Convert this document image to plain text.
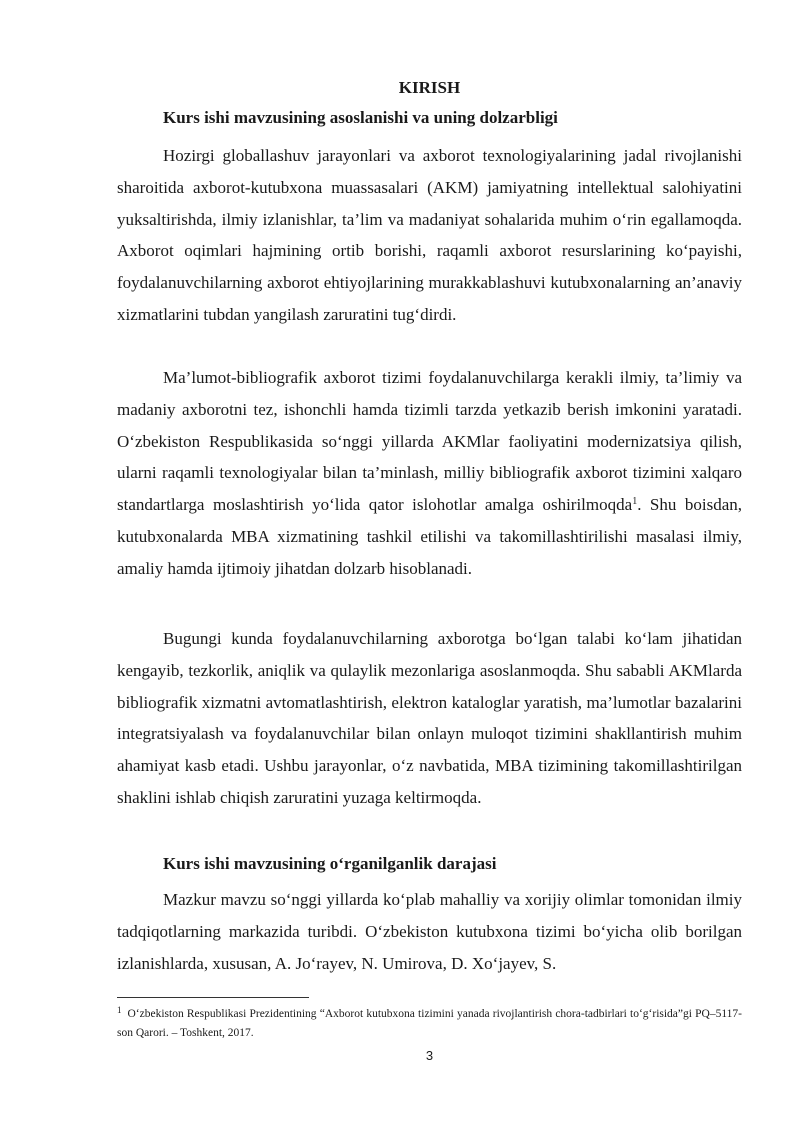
KIRISH
Kurs ishi mavzusining asoslanishi va uning dolzarbligi

Hozirgi globallashuv jarayonlari va axborot texnologiyalarining jadal rivojlanishi sharoitida axborot-kutubxona muassasalari (AKM) jamiyatning intellektual salohiyatini yuksaltirishda, ilmiy izlanishlar, ta’lim va madaniyat sohalarida muhim o‘rin egallamoqda. Axborot oqimlari hajmining ortib borishi, raqamli axborot resurslarining ko‘payishi, foydalanuvchilarning axborot ehtiyojlarining murakkablashuvi kutubxonalarning an’anaviy xizmatlarini tubdan yangilash zaruratini tug‘dirdi.

Ma’lumot-bibliografik axborot tizimi foydalanuvchilarga kerakli ilmiy, ta’limiy va madaniy axborotni tez, ishonchli hamda tizimli tarzda yetkazib berish imkonini yaratadi. O‘zbekiston Respublikasida so‘nggi yillarda AKMlar faoliyatini modernizatsiya qilish, ularni raqamli texnologiyalar bilan ta’minlash, milliy bibliografik axborot tizimini xalqaro standartlarga moslashtirish yo‘lida qator islohotlar amalga oshirilmoqda$^1$. Shu boisdan, kutubxonalarda MBA xizmatining tashkil etilishi va takomillashtirilishi masalasi ilmiy, amaliy hamda ijtimoiy jihatdan dolzarb hisoblanadi.

Bugungi kunda foydalanuvchilarning axborotga bo‘lgan talabi ko‘lam jihatidan kengayib, tezkorlik, aniqlik va qulaylik mezonlariga asoslanmoqda. Shu sababli AKMlarda bibliografik xizmatni avtomatlashtirish, elektron kataloglar yaratish, ma’lumotlar bazalarini integratsiyalash va foydalanuvchilar bilan onlayn muloqot tizimini shakllantirish muhim ahamiyat kasb etadi. Ushbu jarayonlar, o‘z navbatida, MBA tizimining takomillashtirilgan shaklini ishlab chiqish zaruratini yuzaga keltirmoqda.

Kurs ishi mavzusining o‘rganilganlik darajasi

Mazkur mavzu so‘nggi yillarda ko‘plab mahalliy va xorijiy olimlar tomonidan ilmiy tadqiqotlarning markazida turibdi. O‘zbekiston kutubxona tizimi bo‘yicha olib borilgan izlanishlarda, xususan, A. Jo‘rayev, N. Umirova, D. Xo‘jayev, S.

$^1$ O‘zbekiston Respublikasi Prezidentining “Axborot kutubxona tizimini yanada rivojlantirish chora-tadbirlari to‘g‘risida”gi PQ–5117-son Qarori. – Toshkent, 2017.

3
